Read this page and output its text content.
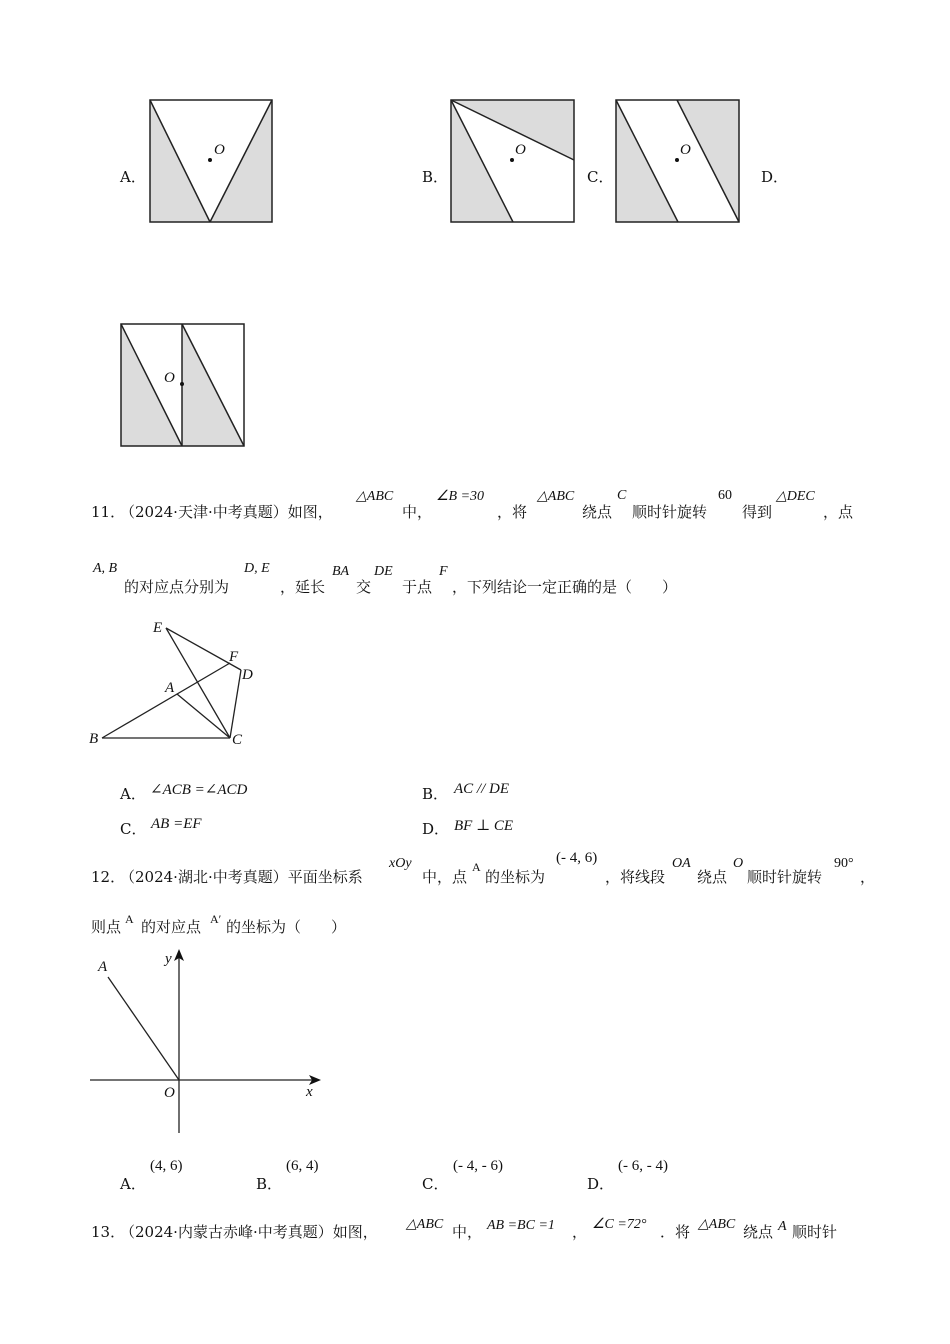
A．	B．	C．	D．
O	O	O
O
11．
（2024·天津·中考真题）如图，
△ABC
中，
∠B =30
，将
△ABC
绕点
C
顺时针旋转
60
得到
△DEC
，点
A, B
的对应点分别为
D, E
，延长
BA
交
DE
于点
F
，下列结论一定正确的是（　　）
E
F
D
A
B	C
A． ∠ACB =∠ACD	B． AC // DE
C． AB =EF	D． BF ⊥ CE
12．
（2024·湖北·中考真题）平面坐标系
xOy
中，点
A
的坐标为
(- 4, 6)
，将线段
OA
绕点
O
顺时针旋转
90°
，
则点 A 的对应点 A′ 的坐标为（　　）
A	y
O	x
A．
(4, 6)
B．
(6, 4)
C．
(- 4, - 6)
D．
(- 6, - 4)
13．
（2024·内蒙古赤峰·中考真题）如图， △ABC 中， AB =BC =1 ， ∠C =72° ．将 △ABC 绕点 A 顺时针
